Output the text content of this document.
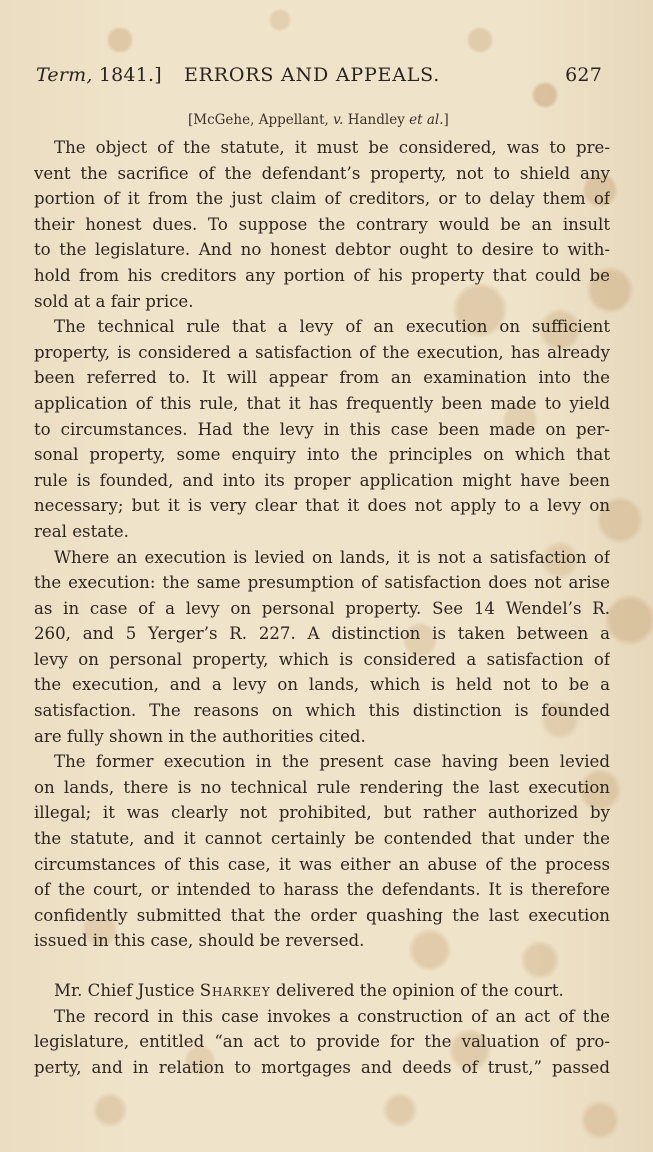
Term, 1841.] ERRORS AND APPEALS.	627
[McGehe, Appellant, v. Handley et al.]
The object of the statute, it must be considered, was to pre-
vent the sacrifice of the defendant’s property, not to shield any
portion of it from the just claim of creditors, or to delay them of
their honest dues. To suppose the contrary would be an insult
to the legislature. And no honest debtor ought to desire to with-
hold from his creditors any portion of his property that could be
sold at a fair price.
The technical rule that a levy of an execution on sufficient
property, is considered a satisfaction of the execution, has already
been referred to. It will appear from an examination into the
application of this rule, that it has frequently been made to yield
to circumstances. Had the levy in this case been made on per-
sonal property, some enquiry into the principles on which that
rule is founded, and into its proper application might have been
necessary; but it is very clear that it does not apply to a levy on
real estate.
Where an execution is levied on lands, it is not a satisfaction of
the execution: the same presumption of satisfaction does not arise
as in case of a levy on personal property. See 14 Wendel’s R.
260, and 5 Yerger’s R. 227. A distinction is taken between a
levy on personal property, which is considered a satisfaction of
the execution, and a levy on lands, which is held not to be a
satisfaction. The reasons on which this distinction is founded
are fully shown in the authorities cited.
The former execution in the present case having been levied
on lands, there is no technical rule rendering the last execution
illegal; it was clearly not prohibited, but rather authorized by
the statute, and it cannot certainly be contended that under the
circumstances of this case, it was either an abuse of the process
of the court, or intended to harass the defendants. It is therefore
confidently submitted that the order quashing the last execution
issued in this case, should be reversed.
Mr. Chief Justice Sharkey delivered the opinion of the court.
The record in this case invokes a construction of an act of the
legislature, entitled “an act to provide for the valuation of pro-
perty, and in relation to mortgages and deeds of trust,” passed
